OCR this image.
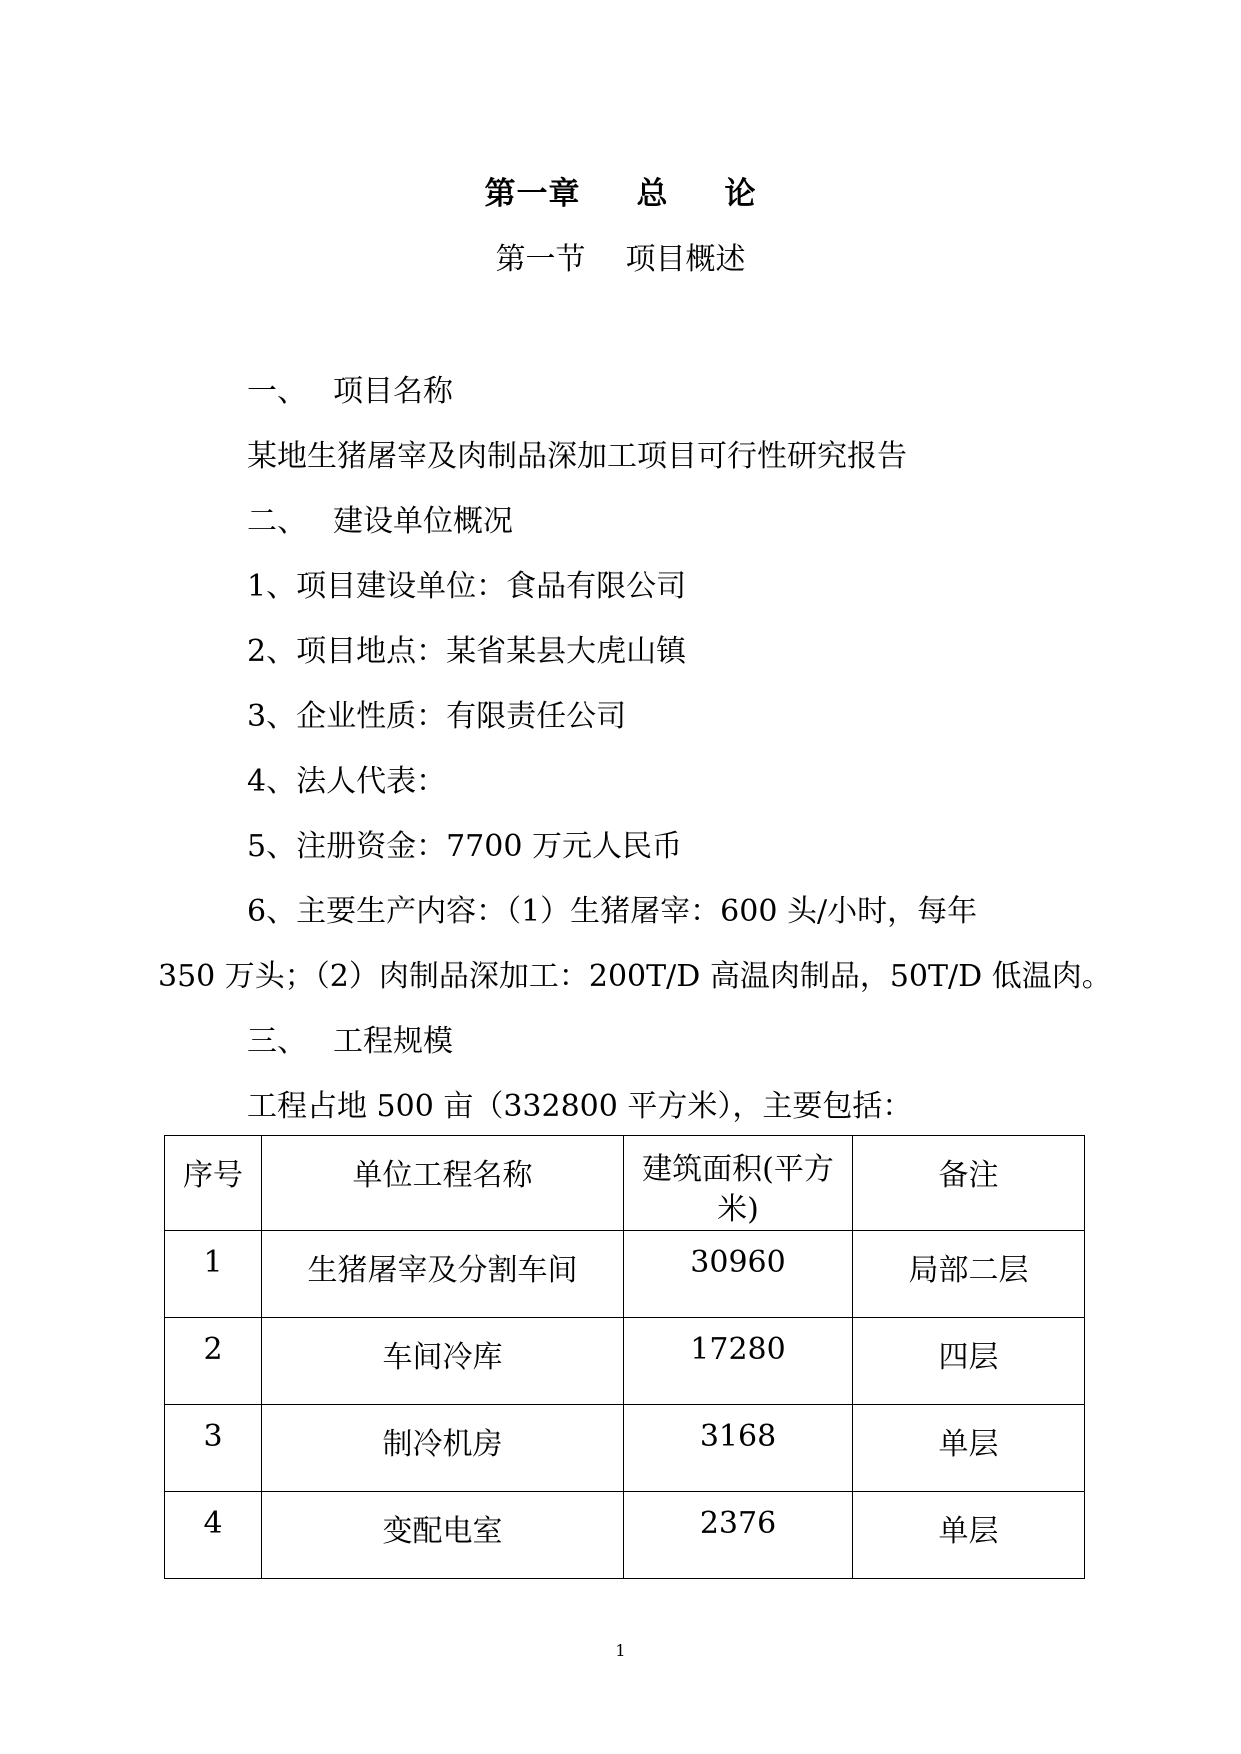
第一章 总 论
第一节 项目概述
一、 项目名称
某地生猪屠宰及肉制品深加工项目可行性研究报告
二、 建设单位概况
1、项目建设单位：食品有限公司
2、项目地点：某省某县大虎山镇
3、企业性质：有限责任公司
4、法人代表：
5、注册资金：7700 万元人民币
6、主要生产内容：（1）生猪屠宰：600 头/小时，每年
350 万头；（2）肉制品深加工：200T/D 高温肉制品，50T/D 低温肉。
三、 工程规模
工程占地 500 亩（332800 平方米），主要包括：
序号	单位工程名称	建筑面积(平方米)	备注
1	生猪屠宰及分割车间	30960	局部二层
2	车间冷库	17280	四层
3	制冷机房	3168	单层
4	变配电室	2376	单层
1
